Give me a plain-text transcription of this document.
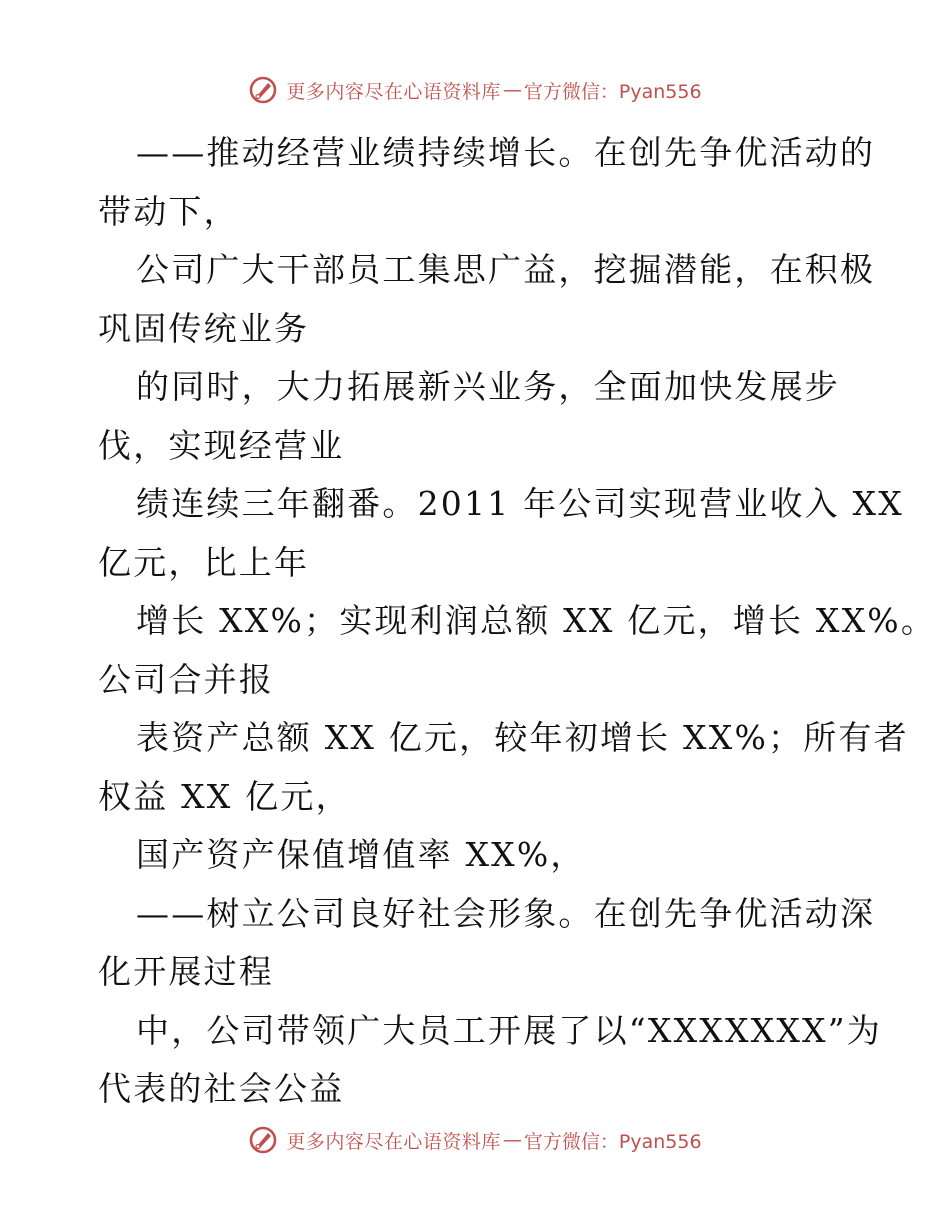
更多内容尽在心语资料库 — 官方微信：Pyan556
——推动经营业绩持续增长。在创先争优活动的
带动下，
公司广大干部员工集思广益，挖掘潜能，在积极
巩固传统业务
的同时，大力拓展新兴业务，全面加快发展步
伐，实现经营业
绩连续三年翻番。2011 年公司实现营业收入 XX
亿元，比上年
增长 XX%；实现利润总额 XX 亿元，增长 XX%。
公司合并报
表资产总额 XX 亿元，较年初增长 XX%；所有者
权益 XX 亿元，
国产资产保值增值率 XX%，
——树立公司良好社会形象。在创先争优活动深
化开展过程
中，公司带领广大员工开展了以“XXXXXXX”为
代表的社会公益
更多内容尽在心语资料库 — 官方微信：Pyan556
